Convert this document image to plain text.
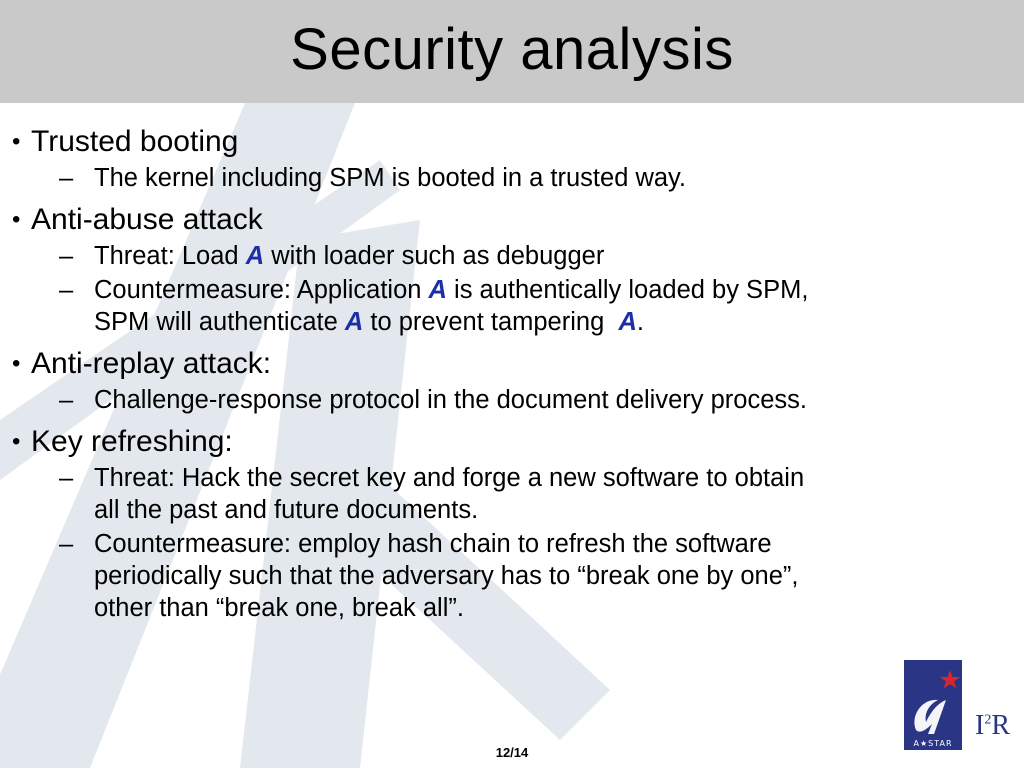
Security analysis
• Trusted booting
– The kernel including SPM is booted in a trusted way.
• Anti-abuse attack
– Threat: Load A with loader such as debugger
– Countermeasure: Application A is authentically loaded by SPM,
SPM will authenticate A to prevent tampering  A.
• Anti-replay attack:
– Challenge-response protocol in the document delivery process.
• Key refreshing:
– Threat: Hack the secret key and forge a new software to obtain
all the past and future documents.
– Countermeasure: employ hash chain to refresh the software
periodically such that the adversary has to “break one by one”,
other than “break one, break all”.
A★STAR
$I^2R$
12/14
